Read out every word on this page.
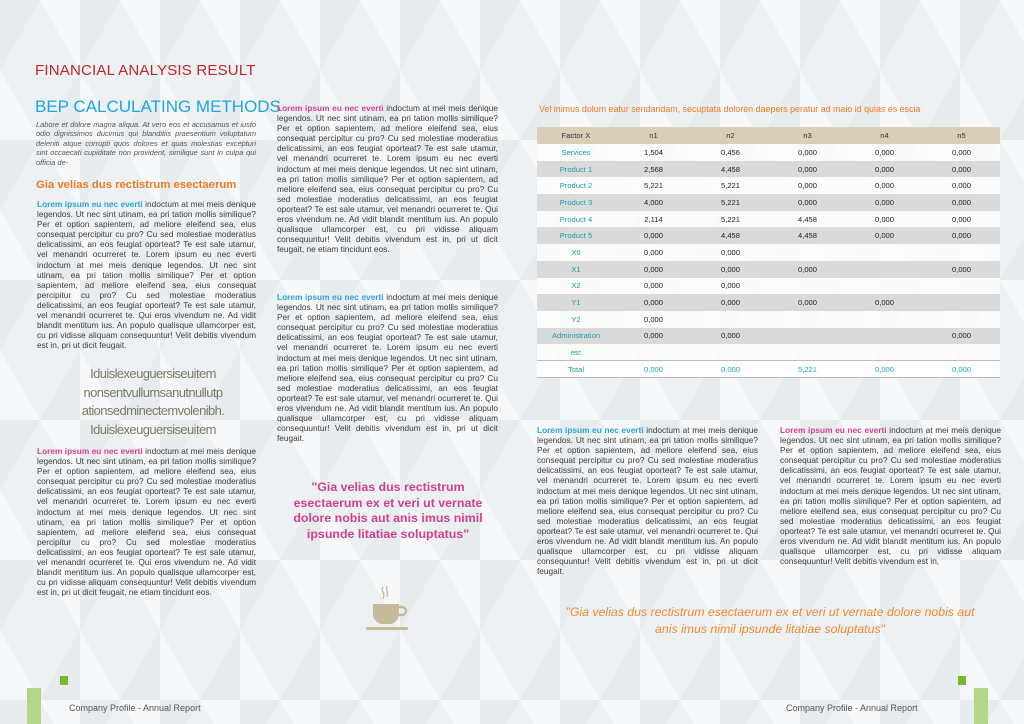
FINANCIAL ANALYSIS RESULT
BEP CALCULATING METHODS
Labore et dolore magna aliqua. At vero eos et accusamus et iusto odio dignissimos ducimus qui blanditiis praesentium voluptatum deleniti atque corrupti quos dolores et quas molestias excepturi sint occaecati cupiditate non provident, similique sunt in culpa qui officia de-
Gia velias dus rectistrum esectaerum
Lorem ipsum eu nec everti indoctum at mei meis denique legendos. Ut nec sint utinam, ea pri tation mollis similique? Per et option sapientem, ad meliore eleifend sea, eius consequat percipitur cu pro? Cu sed molestiae moderatius delicatissimi, an eos feugiat oporteat? Te est sale utamur, vel menandri ocurreret te. Lorem ipsum eu nec everti indoctum at mei meis denique legendos. Ut nec sint utinam, ea pri tation mollis similique? Per et option sapientem, ad meliore eleifend sea, eius consequat percipitur cu pro? Cu sed molestiae moderatius delicatissimi, an eos feugiat oporteat? Te est sale utamur, vel menandri ocurreret te. Qui eros vivendum ne. Ad vidit blandit mentitum ius. An populo qualisque ullamcorper est, cu pri vidisse aliquam consequuntur! Velit debitis vivendum est in, pri ut dicit feugait.
Iduislexeuguersiseuitem nonsentvullumsanutnullutp ationsedminectemvolenibh. Iduislexeuguersiseuitem
Lorem ipsum eu nec everti indoctum at mei meis denique legendos. Ut nec sint utinam, ea pri tation mollis similique? Per et option sapientem, ad meliore eleifend sea, eius consequat percipitur cu pro? Cu sed molestiae moderatius delicatissimi, an eos feugiat oporteat? Te est sale utamur, vel menandri ocurreret te. Lorem ipsum eu nec everti indoctum at mei meis denique legendos. Ut nec sint utinam, ea pri tation mollis similique? Per et option sapientem, ad meliore eleifend sea, eius consequat percipitur cu pro? Cu sed molestiae moderatius delicatissimi, an eos feugiat oporteat? Te est sale utamur, vel menandri ocurreret te. Qui eros vivendum ne. Ad vidit blandit mentitum ius. An populo qualisque ullamcorper est, cu pri vidisse aliquam consequuntur! Velit debitis vivendum est in, pri ut dicit feugait, ne etiam tincidunt eos.
Lorem ipsum eu nec everti indoctum at mei meis denique legendos. Ut nec sint utinam, ea pri tation mollis similique? Per et option sapientem, ad meliore eleifend sea, eius consequat percipitur cu pro? Cu sed molestiae moderatius delicatissimi, an eos feugiat oporteat? Te est sale utamur, vel menandri ocurreret te. Lorem ipsum eu nec everti indoctum at mei meis denique legendos. Ut nec sint utinam, ea pri tation mollis similique? Per et option sapientem, ad meliore eleifend sea, eius consequat percipitur cu pro? Cu sed molestiae moderatius delicatissimi, an eos feugiat oporteat? Te est sale utamur, vel menandri ocurreret te. Qui eros vivendum ne. Ad vidit blandit mentitum ius. An populo qualisque ullamcorper est, cu pri vidisse aliquam consequuntur! Velit debitis vivendum est in, pri ut dicit feugait, ne etiam tincidunt eos.
Lorem ipsum eu nec everti indoctum at mei meis denique legendos. Ut nec sint utinam, ea pri tation mollis similique? Per et option sapientem, ad meliore eleifend sea, eius consequat percipitur cu pro? Cu sed molestiae moderatius delicatissimi, an eos feugiat oporteat? Te est sale utamur, vel menandri ocurreret te. Lorem ipsum eu nec everti indoctum at mei meis denique legendos. Ut nec sint utinam, ea pri tation mollis similique? Per et option sapientem, ad meliore eleifend sea, eius consequat percipitur cu pro? Cu sed molestiae moderatius delicatissimi, an eos feugiat oporteat? Te est sale utamur, vel menandri ocurreret te. Qui eros vivendum ne. Ad vidit blandit mentitum ius. An populo qualisque ullamcorper est, cu pri vidisse aliquam consequuntur! Velit debitis vivendum est in, pri ut dicit feugait.
"Gia velias dus rectistrum esectaerum ex et veri ut vernate dolore nobis aut anis imus nimil ipsunde litatiae soluptatus"
Vel inimus dolum eatur sendandam, secuptata doloren daepers peratur ad maio id quias es escia
Factor X	n1	n2	n3	n4	n5
Services	1,504	0,456	0,000	0,000	0,000
Product 1	2,568	4,458	0,000	0,000	0,000
Product 2	5,221	5,221	0,000	0,000	0,000
Product 3	4,000	5,221	0,000	0,000	0,000
Product 4	2,114	5,221	4,458	0,000	0,000
Product 5	0,000	4,458	4,458	0,000	0,000
X0	0,000	0,000			
X1	0,000	0,000	0,000		0,000
X2	0,000	0,000			
Y1	0,000	0,000	0,000	0,000	
Y2	0,000				
Administration	0,000	0,000			0,000
etc					
Total	0,000	0,000	5,221	0,000	0,000
Lorem ipsum eu nec everti indoctum at mei meis denique legendos. Ut nec sint utinam, ea pri tation mollis similique? Per et option sapientem, ad meliore eleifend sea, eius consequat percipitur cu pro? Cu sed molestiae moderatius delicatissimi, an eos feugiat oporteat? Te est sale utamur, vel menandri ocurreret te. Lorem ipsum eu nec everti indoctum at mei meis denique legendos. Ut nec sint utinam, ea pri tation mollis similique? Per et option sapientem, ad meliore eleifend sea, eius consequat percipitur cu pro? Cu sed molestiae moderatius delicatissimi, an eos feugiat oporteat? Te est sale utamur, vel menandri ocurreret te. Qui eros vivendum ne. Ad vidit blandit mentitum ius. An populo qualisque ullamcorper est, cu pri vidisse aliquam consequuntur! Velit debitis vivendum est in, pri ut dicit feugait.
Lorem ipsum eu nec everti indoctum at mei meis denique legendos. Ut nec sint utinam, ea pri tation mollis similique? Per et option sapientem, ad meliore eleifend sea, eius consequat percipitur cu pro? Cu sed molestiae moderatius delicatissimi, an eos feugiat oporteat? Te est sale utamur, vel menandri ocurreret te. Lorem ipsum eu nec everti indoctum at mei meis denique legendos. Ut nec sint utinam, ea pri tation mollis similique? Per et option sapientem, ad meliore eleifend sea, eius consequat percipitur cu pro? Cu sed molestiae moderatius delicatissimi, an eos feugiat oporteat? Te est sale utamur, vel menandri ocurreret te. Qui eros vivendum ne. Ad vidit blandit mentitum ius. An populo qualisque ullamcorper est, cu pri vidisse aliquam consequuntur! Velit debitis vivendum est in,
"Gia velias dus rectistrum esectaerum ex et veri ut vernate dolore nobis aut anis imus nimil ipsunde litatiae soluptatus"
Company Profile - Annual Report	Company Profile - Annual Report
